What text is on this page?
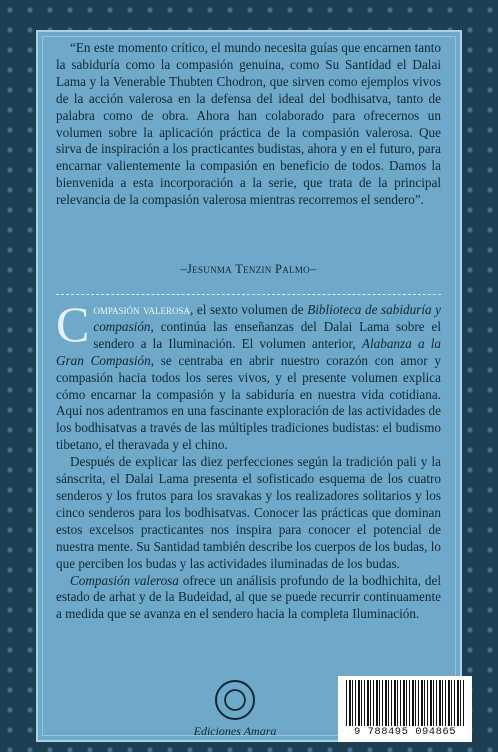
“En este momento crítico, el mundo necesita guías que encarnen tanto la sabiduría como la compasión genuina, como Su Santidad el Dalai Lama y la Venerable Thubten Chodron, que sirven como ejemplos vivos de la acción valerosa en la defensa del ideal del bodhisatva, tanto de palabra como de obra. Ahora han colaborado para ofrecernos un volumen sobre la aplicación práctica de la compasión valerosa. Que sirva de inspiración a los practicantes budistas, ahora y en el futuro, para encarnar valientemente la compasión en beneficio de todos. Damos la bienvenida a esta incorporación a la serie, que trata de la principal relevancia de la compasión valerosa mientras recorremos el sendero”.

–Jesunma Tenzin Palmo–

Compasión valerosa, el sexto volumen de Biblioteca de sabiduría y compasión, continúa las enseñanzas del Dalai Lama sobre el sendero a la Iluminación. El volumen anterior, Alabanza a la Gran Compasión, se centraba en abrir nuestro corazón con amor y compasión hacia todos los seres vivos, y el presente volumen explica cómo encarnar la compasión y la sabiduría en nuestra vida cotidiana. Aquí nos adentramos en una fascinante exploración de las actividades de los bodhisatvas a través de las múltiples tradiciones budistas: el budismo tibetano, el theravada y el chino.

Después de explicar las diez perfecciones según la tradición pali y la sánscrita, el Dalai Lama presenta el sofisticado esquema de los cuatro senderos y los frutos para los sravakas y los realizadores solitarios y los cinco senderos para los bodhisatvas. Conocer las prácticas que dominan estos excelsos practicantes nos inspira para conocer el potencial de nuestra mente. Su Santidad también describe los cuerpos de los budas, lo que perciben los budas y las actividades iluminadas de los budas.

Compasión valerosa ofrece un análisis profundo de la bodhichita, del estado de arhat y de la Budeidad, al que se puede recurrir continuamente a medida que se avanza en el sendero hacia la completa Iluminación.

Ediciones Amara	9 788495 094865
